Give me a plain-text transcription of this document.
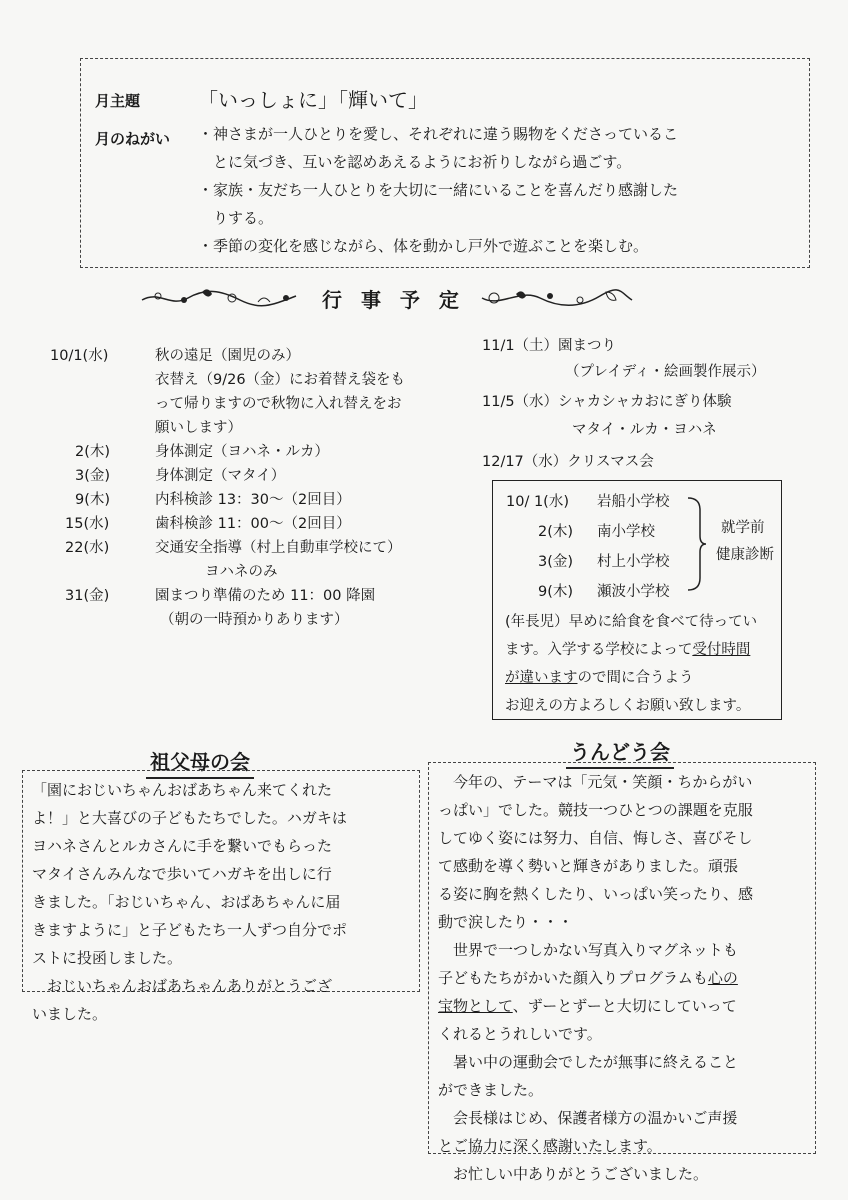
月主題	「いっしょに」「輝いて」
月のねがい ・神さまが一人ひとりを愛し、それぞれに違う賜物をくださっているこ
　とに気づき、互いを認めあえるようにお祈りしながら過ごす。
・家族・友だち一人ひとりを大切に一緒にいることを喜んだり感謝した
　りする。
・季節の変化を感じながら、体を動かし戸外で遊ぶことを楽しむ。
行 事 予 定
10/1(水)	秋の遠足（園児のみ）
衣替え（9/26（金）にお着替え袋をも
って帰りますので秋物に入れ替えをお
願いします）
2(木)	身体測定（ヨハネ・ルカ）
3(金)	身体測定（マタイ）
9(木)	内科検診 13：30～（2回目）
15(水)	歯科検診 11：00～（2回目）
22(水)	交通安全指導（村上自動車学校にて）
ヨハネのみ
31(金)	園まつり準備のため 11：00 降園
（朝の一時預かりあります）
11/1（土）園まつり
（プレイディ・絵画製作展示）
11/5（水）シャカシャカおにぎり体験
マタイ・ルカ・ヨハネ
12/17（水）クリスマス会
10/ 1(水) 岩船小学校
2(木) 南小学校
3(金) 村上小学校
9(木) 瀬波小学校
就学前
健康診断
(年長児）早めに給食を食べて待ってい
ます。入学する学校によって受付時間
が違いますので間に合うよう
お迎えの方よろしくお願い致します。
祖父母の会
「園におじいちゃんおばあちゃん来てくれた
よ！」と大喜びの子どもたちでした。ハガキは
ヨハネさんとルカさんに手を繋いでもらった
マタイさんみんなで歩いてハガキを出しに行
きました。「おじいちゃん、おばあちゃんに届
きますように」と子どもたち一人ずつ自分でポ
ストに投函しました。
　おじいちゃんおばあちゃんありがとうござ
いました。
うんどう会
　今年の、テーマは「元気・笑顔・ちからがい
っぱい」でした。競技一つひとつの課題を克服
してゆく姿には努力、自信、悔しさ、喜びそし
て感動を導く勢いと輝きがありました。頑張
る姿に胸を熱くしたり、いっぱい笑ったり、感
動で涙したり・・・
　世界で一つしかない写真入りマグネットも
子どもたちがかいた顔入りプログラムも心の
宝物として、ずーとずーと大切にしていって
くれるとうれしいです。
　暑い中の運動会でしたが無事に終えること
ができました。
　会長様はじめ、保護者様方の温かいご声援
とご協力に深く感謝いたします。
　お忙しい中ありがとうございました。
